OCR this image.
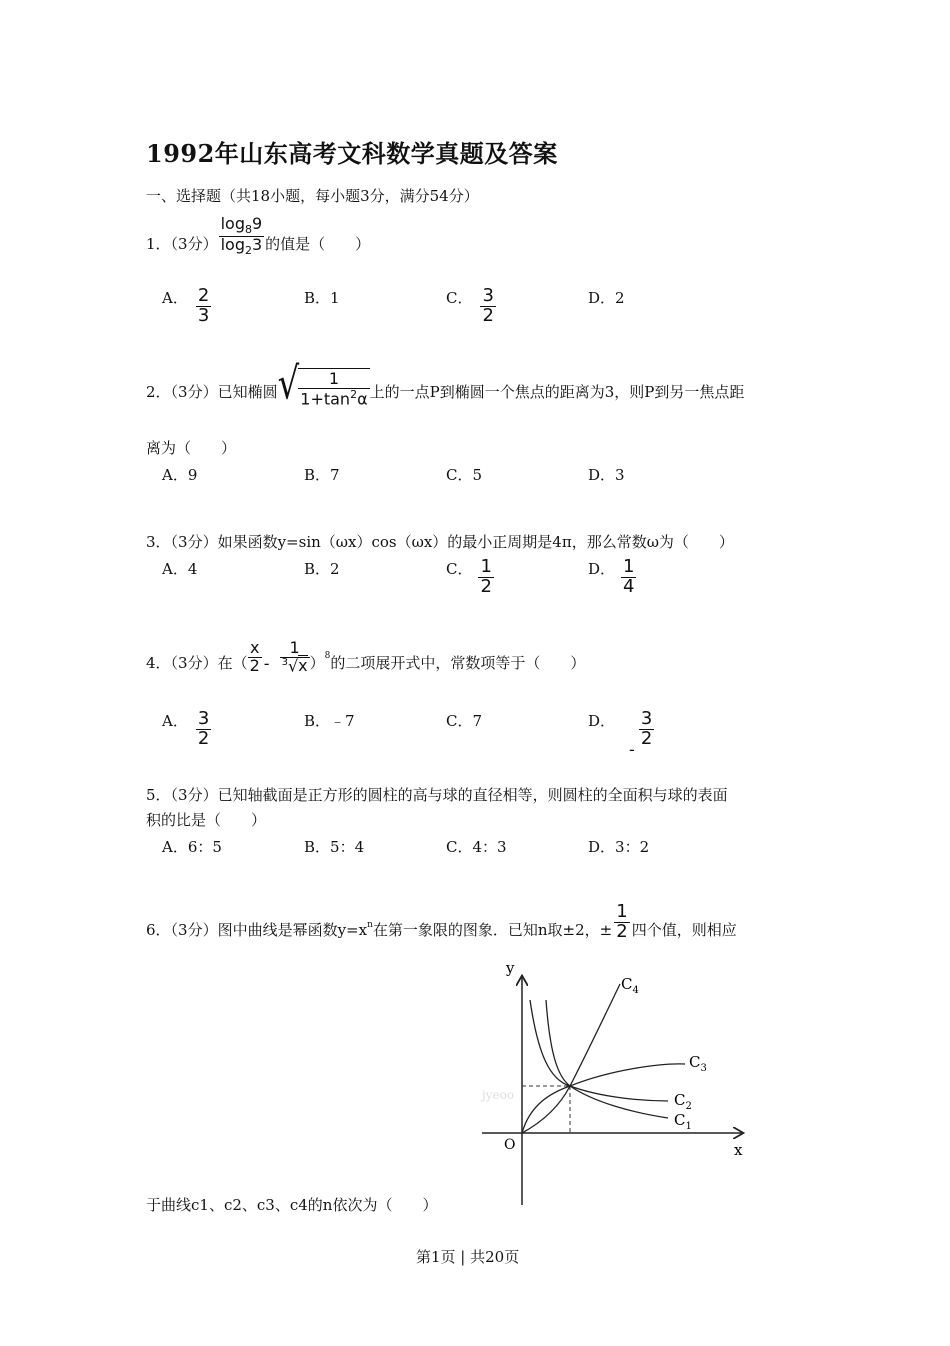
1992年山东高考文科数学真题及答案
一、选择题（共18小题，每小题3分，满分54分）
1．（3分） $\frac{\log_89}{\log_23}$ 的值是（　　）
A． $\frac{2}{3}$	B．1	C． $\frac{3}{2}$	D．2
2．（3分）已知椭圆 √ $\frac{1}{1+\tan^2\alpha}$ 上的一点P到椭圆一个焦点的距离为3，则P到另一焦点距
离为（　　）
A．9	B．7	C．5	D．3
3．（3分）如果函数y=sin（ωx）cos（ωx）的最小正周期是4π，那么常数ω为（　　）
A．4	B．2	C． $\frac{1}{2}$	D． $\frac{1}{4}$
4．（3分）在（ $\frac{x}{2} - \frac{1}{^3√x} )^8$ 的二项展开式中，常数项等于（　　）
A． $\frac{3}{2}$	B．﹣7	C．7	D．
-
$\frac{3}{2}$
5．（3分）已知轴截面是正方形的圆柱的高与球的直径相等，则圆柱的全面积与球的表面
积的比是（　　）
A．6：5	B．5：4	C．4：3	D．3：2
6．（3分）图中曲线是幂函数$y=x^n$ 在第一象限的图象．已知n取±2，± $\frac{1}{2}$ 四个值，则相应
y
x
O
jyeoo
$C_4$
$C_3$
$C_2$
$C_1$
于曲线c1、c2、c3、c4的n依次为（　　）
第1页 | 共20页
